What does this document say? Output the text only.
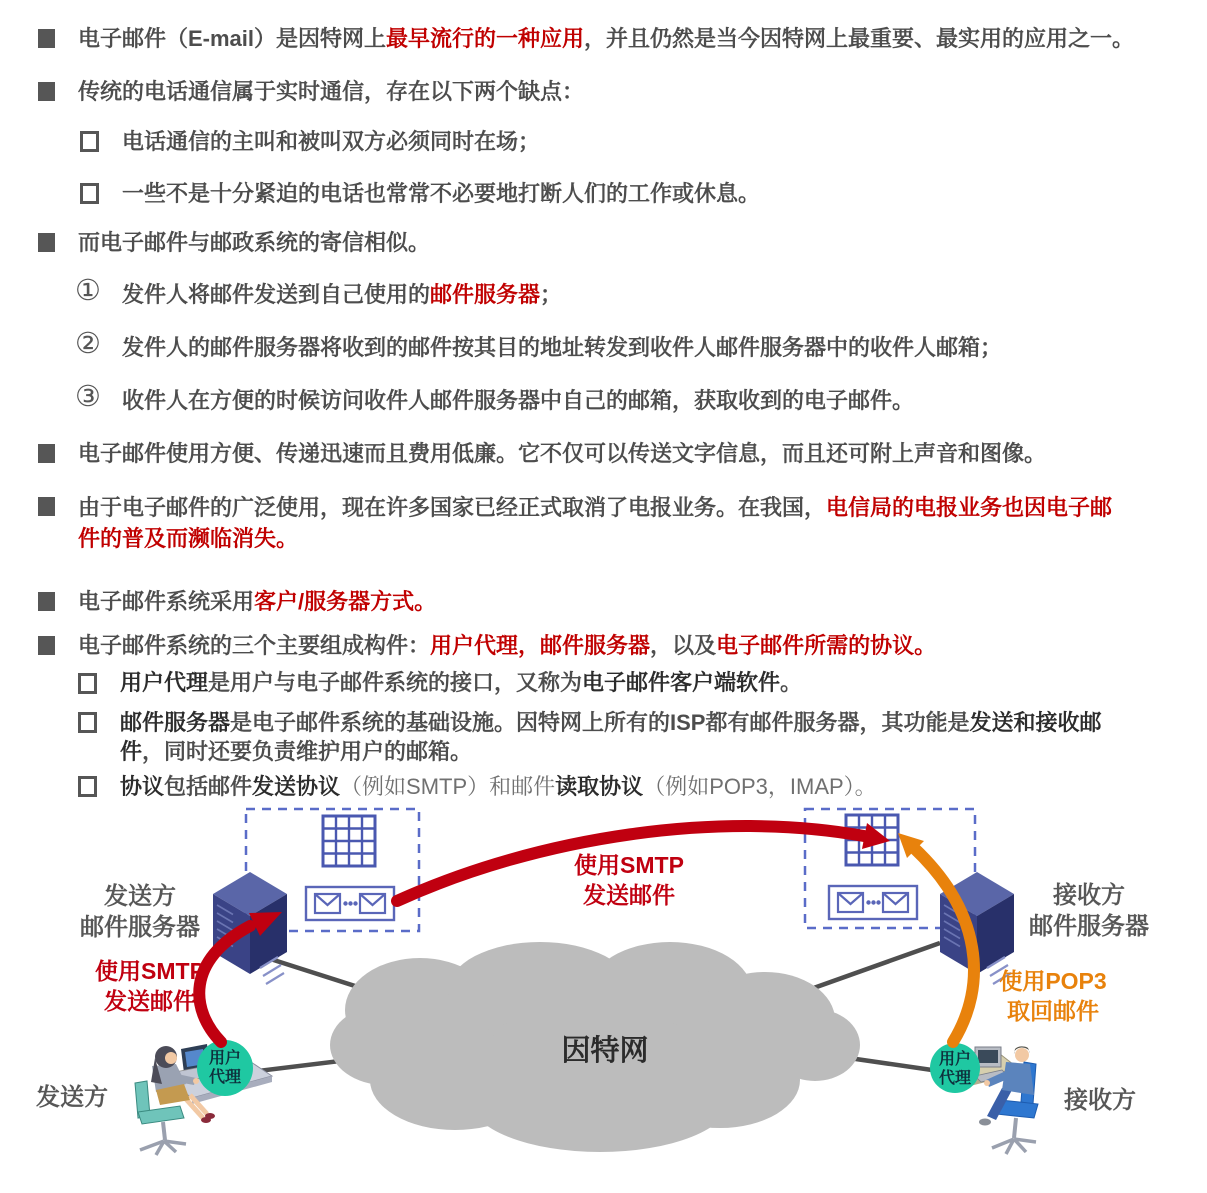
电子邮件（E-mail）是因特网上最早流行的一种应用，并且仍然是当今因特网上最重要、最实用的应用之一。
传统的电话通信属于实时通信，存在以下两个缺点：
电话通信的主叫和被叫双方必须同时在场；
一些不是十分紧迫的电话也常常不必要地打断人们的工作或休息。
而电子邮件与邮政系统的寄信相似。
① 发件人将邮件发送到自己使用的邮件服务器；
② 发件人的邮件服务器将收到的邮件按其目的地址转发到收件人邮件服务器中的收件人邮箱；
③ 收件人在方便的时候访问收件人邮件服务器中自己的邮箱，获取收到的电子邮件。
电子邮件使用方便、传递迅速而且费用低廉。它不仅可以传送文字信息，而且还可附上声音和图像。
由于电子邮件的广泛使用，现在许多国家已经正式取消了电报业务。在我国，电信局的电报业务也因电子邮
件的普及而濒临消失。
电子邮件系统采用客户/服务器方式。
电子邮件系统的三个主要组成构件：用户代理，邮件服务器，以及电子邮件所需的协议。
用户代理是用户与电子邮件系统的接口，又称为电子邮件客户端软件。
邮件服务器是电子邮件系统的基础设施。因特网上所有的ISP都有邮件服务器，其功能是发送和接收邮
件，同时还要负责维护用户的邮箱。
协议包括邮件发送协议（例如SMTP）和邮件读取协议（例如POP3，IMAP）。
发送方
邮件服务器
使用SMTP
发送邮件
使用SMTP
发送邮件	接收方
邮件服务器
使用POP3
取回邮件
因特网
发送方	接收方
用户
代理
用户
代理
